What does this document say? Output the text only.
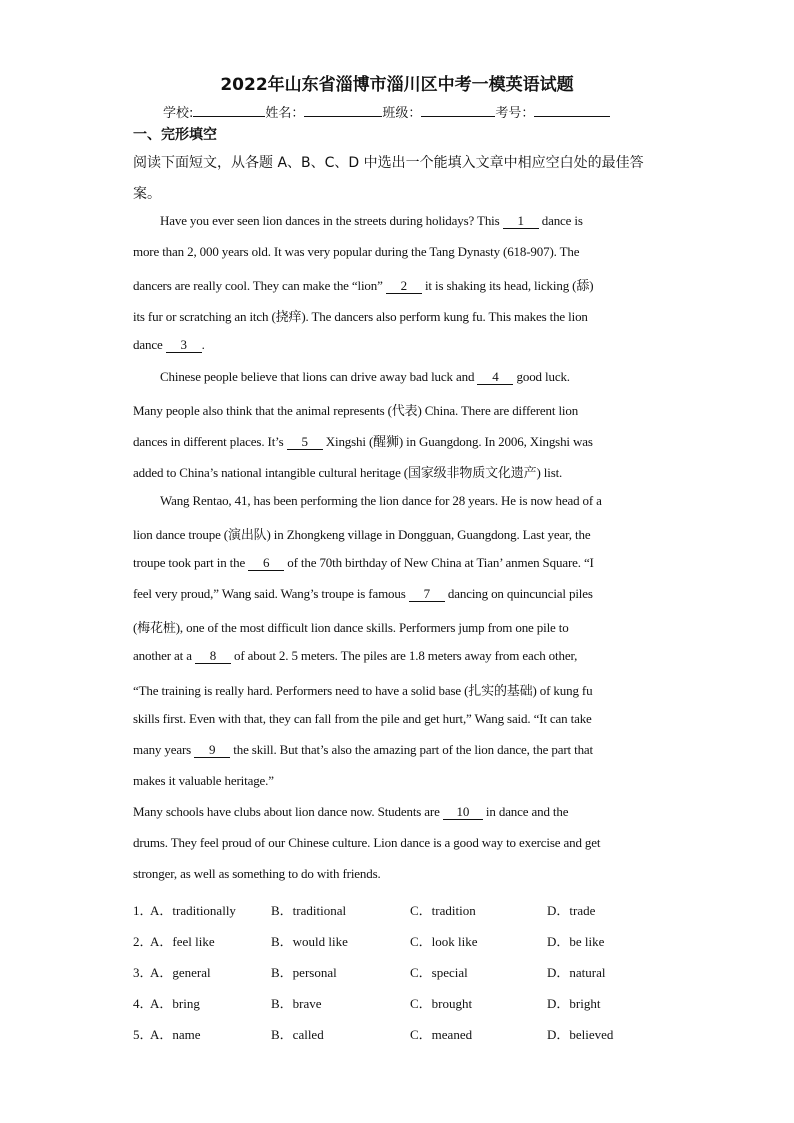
2022年山东省淄博市淄川区中考一模英语试题
学校:	姓名：	班级：	考号：
一、完形填空
阅读下面短文，从各题 A、B、C、D 中选出一个能填入文章中相应空白处的最佳答案。
Have you ever seen lion dances in the streets during holidays? This 1 dance is
more than 2, 000 years old. It was very popular during the Tang Dynasty (618-907). The
dancers are really cool. They can make the “lion” 2 it is shaking its head, licking (舔)
its fur or scratching an itch (挠痒). The dancers also perform kung fu. This makes the lion
dance 3 .
Chinese people believe that lions can drive away bad luck and 4 good luck.
Many people also think that the animal represents (代表) China. There are different lion
dances in different places. It’s 5 Xingshi (醒狮) in Guangdong. In 2006, Xingshi was
added to China’s national intangible cultural heritage (国家级非物质文化遗产) list.
Wang Rentao, 41, has been performing the lion dance for 28 years. He is now head of a
lion dance troupe (演出队) in Zhongkeng village in Dongguan, Guangdong. Last year, the
troupe took part in the 6 of the 70th birthday of New China at Tian’ anmen Square. “I
feel very proud,” Wang said. Wang’s troupe is famous 7 dancing on quincuncial piles
(梅花桩), one of the most difficult lion dance skills. Performers jump from one pile to
another at a 8 of about 2. 5 meters. The piles are 1.8 meters away from each other,
“The training is really hard. Performers need to have a solid base (扎实的基础) of kung fu
skills first. Even with that, they can fall from the pile and get hurt,” Wang said. “It can take
many years 9 the skill. But that’s also the amazing part of the lion dance, the part that
makes it valuable heritage.”
Many schools have clubs about lion dance now. Students are 10 in dance and the
drums. They feel proud of our Chinese culture. Lion dance is a good way to exercise and get
stronger, as well as something to do with friends.
1．
A．traditionally	B．traditional	C．tradition	D．trade
2．
A．feel like	B．would like	C．look like	D．be like
3．
A．general	B．personal	C．special	D．natural
4．
A．bring	B．brave	C．brought	D．bright
5．
A．name	B．called	C．meaned	D．believed
